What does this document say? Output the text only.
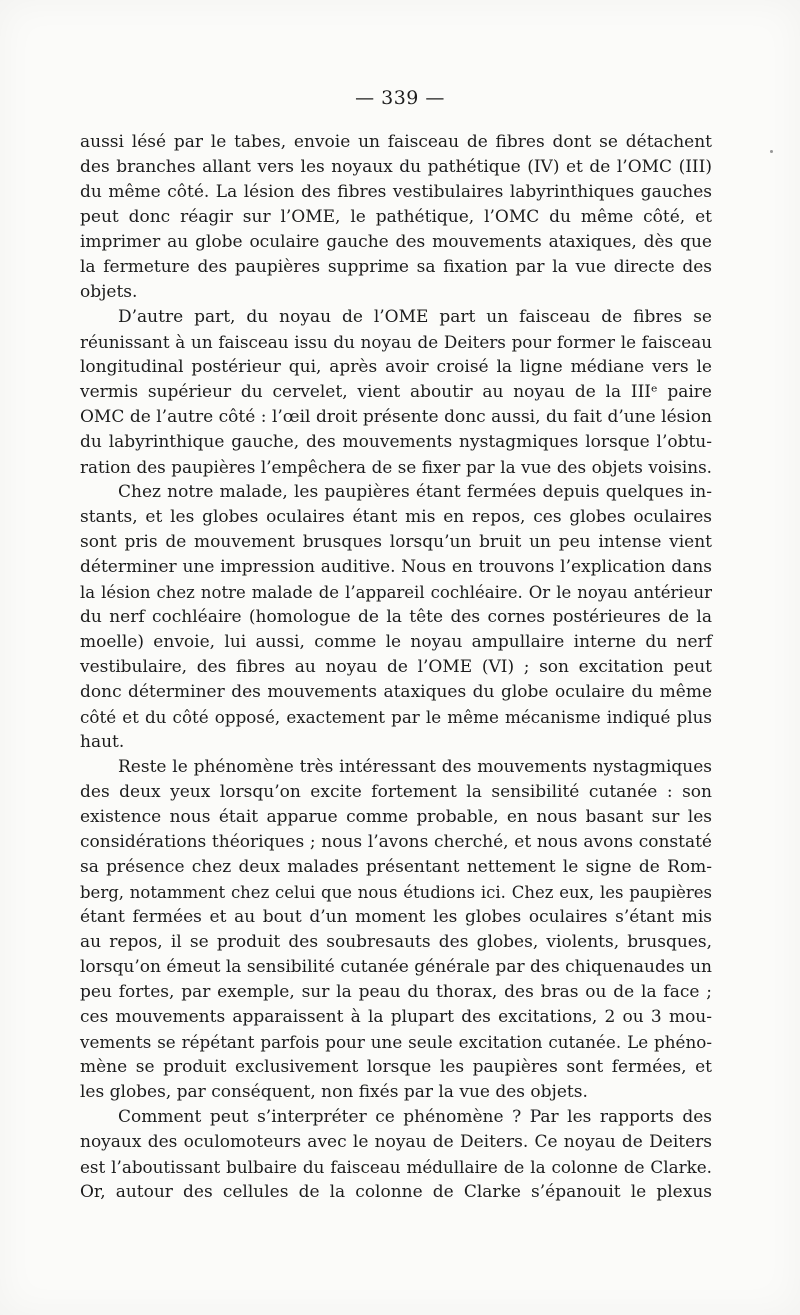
— 339 —
aussi lésé par le tabes, envoie un faisceau de fibres dont se détachent
des branches allant vers les noyaux du pathétique (IV) et de l’OMC (III)
du même côté. La lésion des fibres vestibulaires labyrinthiques gauches
peut donc réagir sur l’OME, le pathétique, l’OMC du même côté, et
imprimer au globe oculaire gauche des mouvements ataxiques, dès que
la fermeture des paupières supprime sa fixation par la vue directe des
objets.
D’autre part, du noyau de l’OME part un faisceau de fibres se
réunissant à un faisceau issu du noyau de Deiters pour former le faisceau
longitudinal postérieur qui, après avoir croisé la ligne médiane vers le
vermis supérieur du cervelet, vient aboutir au noyau de la IIIᵉ paire
OMC de l’autre côté : l’œil droit présente donc aussi, du fait d’une lésion
du labyrinthique gauche, des mouvements nystagmiques lorsque l’obtu-
ration des paupières l’empêchera de se fixer par la vue des objets voisins.
Chez notre malade, les paupières étant fermées depuis quelques in-
stants, et les globes oculaires étant mis en repos, ces globes oculaires
sont pris de mouvement brusques lorsqu’un bruit un peu intense vient
déterminer une impression auditive. Nous en trouvons l’explication dans
la lésion chez notre malade de l’appareil cochléaire. Or le noyau antérieur
du nerf cochléaire (homologue de la tête des cornes postérieures de la
moelle) envoie, lui aussi, comme le noyau ampullaire interne du nerf
vestibulaire, des fibres au noyau de l’OME (VI) ; son excitation peut
donc déterminer des mouvements ataxiques du globe oculaire du même
côté et du côté opposé, exactement par le même mécanisme indiqué plus
haut.
Reste le phénomène très intéressant des mouvements nystagmiques
des deux yeux lorsqu’on excite fortement la sensibilité cutanée : son
existence nous était apparue comme probable, en nous basant sur les
considérations théoriques ; nous l’avons cherché, et nous avons constaté
sa présence chez deux malades présentant nettement le signe de Rom-
berg, notamment chez celui que nous étudions ici. Chez eux, les paupières
étant fermées et au bout d’un moment les globes oculaires s’étant mis
au repos, il se produit des soubresauts des globes, violents, brusques,
lorsqu’on émeut la sensibilité cutanée générale par des chiquenaudes un
peu fortes, par exemple, sur la peau du thorax, des bras ou de la face ;
ces mouvements apparaissent à la plupart des excitations, 2 ou 3 mou-
vements se répétant parfois pour une seule excitation cutanée. Le phéno-
mène se produit exclusivement lorsque les paupières sont fermées, et
les globes, par conséquent, non fixés par la vue des objets.
Comment peut s’interpréter ce phénomène ? Par les rapports des
noyaux des oculomoteurs avec le noyau de Deiters. Ce noyau de Deiters
est l’aboutissant bulbaire du faisceau médullaire de la colonne de Clarke.
Or, autour des cellules de la colonne de Clarke s’épanouit le plexus
